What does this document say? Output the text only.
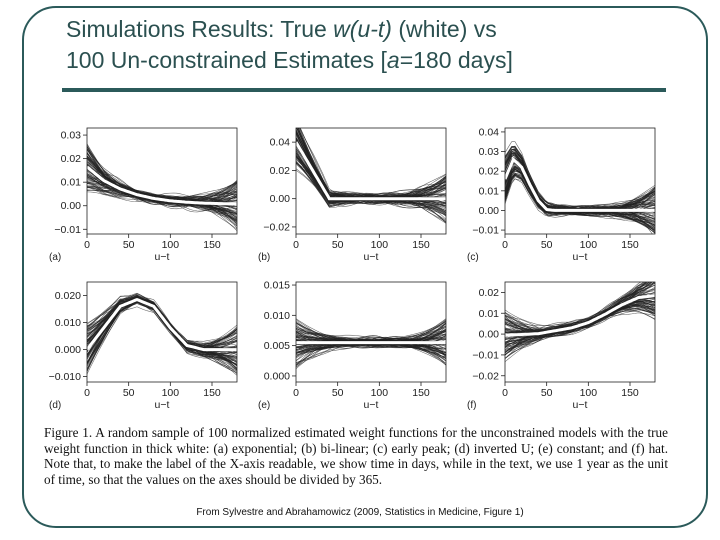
Simulations Results: True w(u-t) (white) vs
100 Un-constrained Estimates [a=180 days]
−0.01
0.00
0.01
0.02
0.03
0	50	100 150
u−t
(a)
−0.02
0.00
0.02
0.04
0	50	100 150
u−t
(b)
−0.01
0.00
0.01
0.02
0.03
0.04
0	50	100 150
u−t
(c)
−0.010
0.000
0.010
0.020
0	50	100 150
u−t
(d)
0.000
0.005
0.010
0.015
0	50	100 150
u−t
(e)
−0.02
−0.01
0.00
0.01
0.02
0	50	100 150
u−t
(f)
Figure 1. A random sample of 100 normalized estimated weight functions for the unconstrained models with the true weight function in thick white: (a) exponential; (b) bi-linear; (c) early peak; (d) inverted U; (e) constant; and (f) hat. Note that, to make the label of the X-axis readable, we show time in days, while in the text, we use 1 year as the unit of time, so that the values on the axes should be divided by 365.
From Sylvestre and Abrahamowicz (2009, Statistics in Medicine, Figure 1)
